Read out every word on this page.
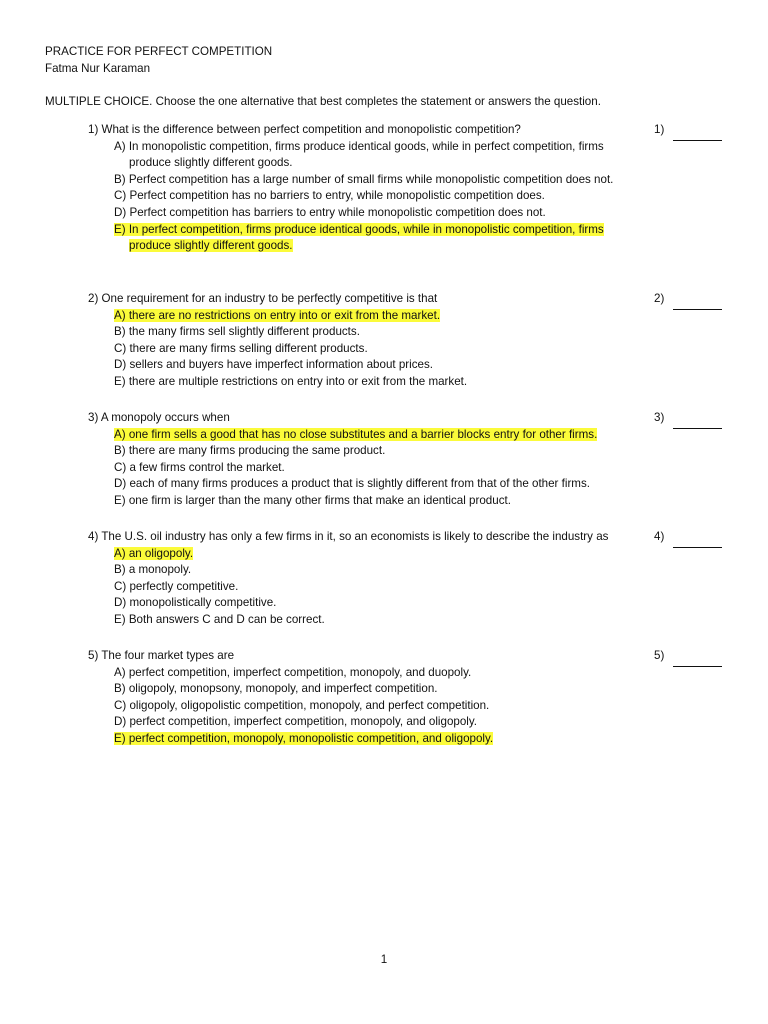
PRACTICE FOR PERFECT COMPETITION
Fatma Nur Karaman
MULTIPLE CHOICE. Choose the one alternative that best completes the statement or answers the question.
1) What is the difference between perfect competition and monopolistic competition?
A) In monopolistic competition, firms produce identical goods, while in perfect competition, firms produce slightly different goods.
B) Perfect competition has a large number of small firms while monopolistic competition does not.
C) Perfect competition has no barriers to entry, while monopolistic competition does.
D) Perfect competition has barriers to entry while monopolistic competition does not.
E) In perfect competition, firms produce identical goods, while in monopolistic competition, firms produce slightly different goods.
1)
2) One requirement for an industry to be perfectly competitive is that
A) there are no restrictions on entry into or exit from the market.
B) the many firms sell slightly different products.
C) there are many firms selling different products.
D) sellers and buyers have imperfect information about prices.
E) there are multiple restrictions on entry into or exit from the market.
2)
3) A monopoly occurs when
A) one firm sells a good that has no close substitutes and a barrier blocks entry for other firms.
B) there are many firms producing the same product.
C) a few firms control the market.
D) each of many firms produces a product that is slightly different from that of the other firms.
E) one firm is larger than the many other firms that make an identical product.
3)
4) The U.S. oil industry has only a few firms in it, so an economists is likely to describe the industry as
A) an oligopoly.
B) a monopoly.
C) perfectly competitive.
D) monopolistically competitive.
E) Both answers C and D can be correct.
4)
5) The four market types are
A) perfect competition, imperfect competition, monopoly, and duopoly.
B) oligopoly, monopsony, monopoly, and imperfect competition.
C) oligopoly, oligopolistic competition, monopoly, and perfect competition.
D) perfect competition, imperfect competition, monopoly, and oligopoly.
E) perfect competition, monopoly, monopolistic competition, and oligopoly.
5)
1
